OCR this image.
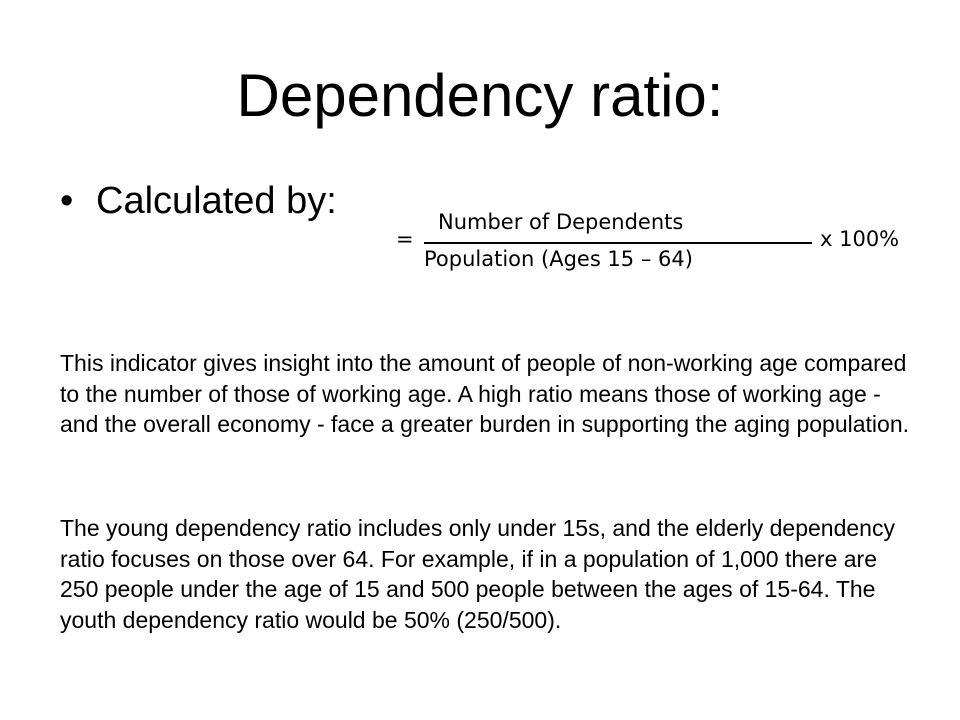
Dependency ratio:
• Calculated by:
=
Number of Dependents
Population (Ages 15 – 64)
x 100%

This indicator gives insight into the amount of people of non-working age compared to the number of those of working age. A high ratio means those of working age - and the overall economy - face a greater burden in supporting the aging population.

The young dependency ratio includes only under 15s, and the elderly dependency ratio focuses on those over 64. For example, if in a population of 1,000 there are 250 people under the age of 15 and 500 people between the ages of 15-64. The youth dependency ratio would be 50% (250/500).
